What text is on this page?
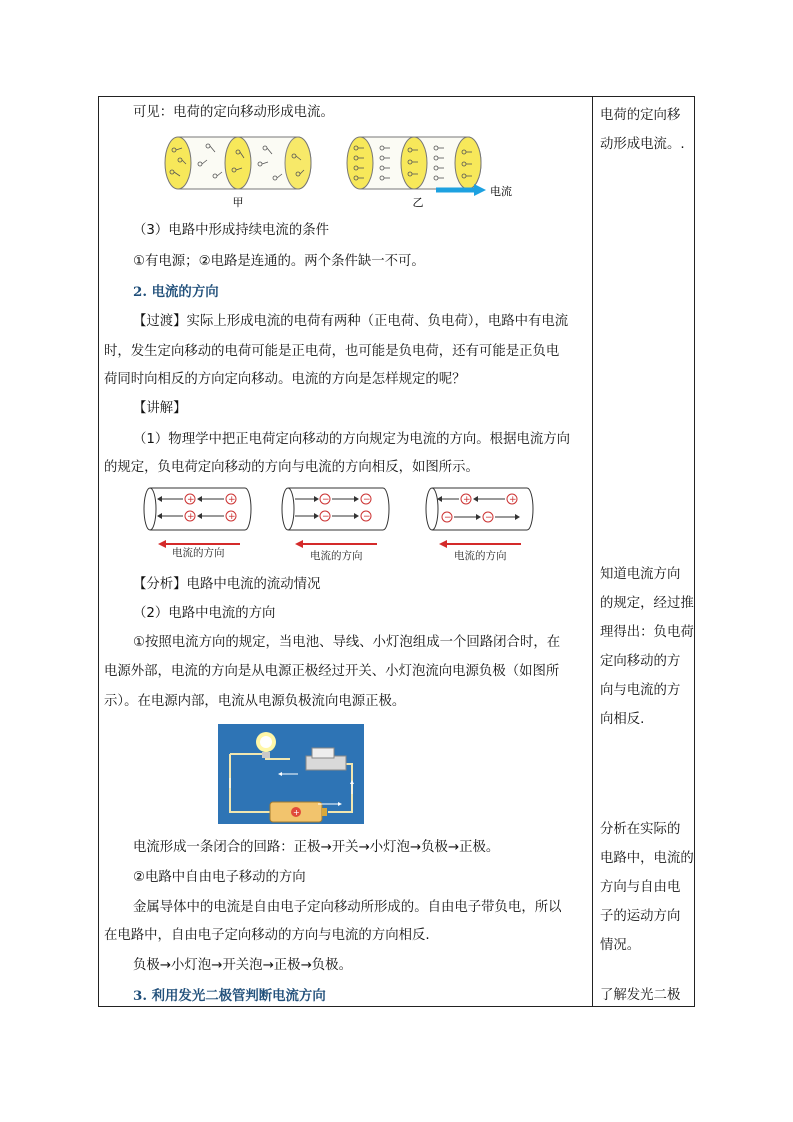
可见：电荷的定向移动形成电流。
甲
电流
乙
（3）电路中形成持续电流的条件
①有电源；②电路是连通的。两个条件缺一不可。
2. 电流的方向
【过渡】实际上形成电流的电荷有两种（正电荷、负电荷），电路中有电流
时，发生定向移动的电荷可能是正电荷，也可能是负电荷，还有可能是正负电
荷同时向相反的方向定向移动。电流的方向是怎样规定的呢？
【讲解】
（1）物理学中把正电荷定向移动的方向规定为电流的方向。根据电流方向
的规定，负电荷定向移动的方向与电流的方向相反，如图所示。
+
+
+
+
−
−
−
−
+
+
−	−
电流的方向	电流的方向	电流的方向
【分析】电路中电流的流动情况
（2）电路中电流的方向
①按照电流方向的规定，当电池、导线、小灯泡组成一个回路闭合时，在
电源外部，电流的方向是从电源正极经过开关、小灯泡流向电源负极（如图所
示）。在电源内部，电流从电源负极流向电源正极。
+
电流形成一条闭合的回路：正极→开关→小灯泡→负极→正极。
②电路中自由电子移动的方向
金属导体中的电流是自由电子定向移动所形成的。自由电子带负电，所以
在电路中，自由电子定向移动的方向与电流的方向相反.
负极→小灯泡→开关泡→正极→负极。
3. 利用发光二极管判断电流方向
电荷的定向移
动形成电流。.
知道电流方向
的规定，经过推
理得出：负电荷
定向移动的方
向与电流的方
向相反.
分析在实际的
电路中，电流的
方向与自由电
子的运动方向
情况。
了解发光二极
